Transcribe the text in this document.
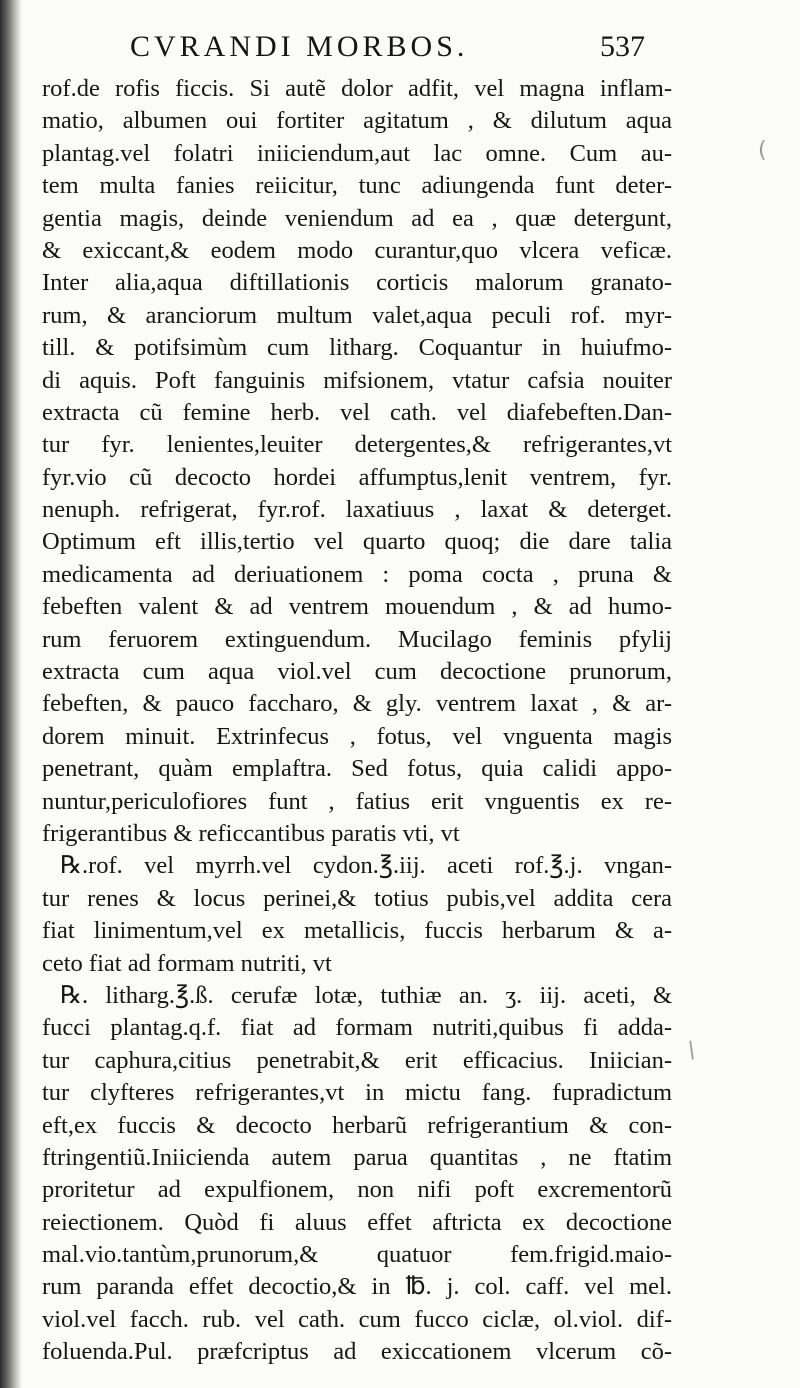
CVRANDI MORBOS.	537
rof.de rofis ficcis. Si autẽ dolor adfit, vel magna inflam-
matio, albumen oui fortiter agitatum , & dilutum aqua
plantag.vel folatri iniiciendum,aut lac omne. Cum au-
tem multa fanies reiicitur, tunc adiungenda funt deter-
gentia magis, deinde veniendum ad ea , quæ detergunt,
& exiccant,& eodem modo curantur,quo vlcera veficæ.
Inter alia,aqua diftillationis corticis malorum granato-
rum, & aranciorum multum valet,aqua peculi rof. myr-
till. & potifsimùm cum litharg. Coquantur in huiufmo-
di aquis. Poft fanguinis mifsionem, vtatur cafsia nouiter
extracta cũ femine herb. vel cath. vel diafebeften.Dan-
tur fyr. lenientes,leuiter detergentes,& refrigerantes,vt
fyr.vio cũ decocto hordei affumptus,lenit ventrem, fyr.
nenuph. refrigerat, fyr.rof. laxatiuus , laxat & deterget.
Optimum eft illis,tertio vel quarto quoq; die dare talia
medicamenta ad deriuationem : poma cocta , pruna &
febeften valent & ad ventrem mouendum , & ad humo-
rum feruorem extinguendum. Mucilago feminis pfylij
extracta cum aqua viol.vel cum decoctione prunorum,
febeften, & pauco faccharo, & gly. ventrem laxat , & ar-
dorem minuit. Extrinfecus , fotus, vel vnguenta magis
penetrant, quàm emplaftra. Sed fotus, quia calidi appo-
nuntur,periculofiores funt , fatius erit vnguentis ex re-
frigerantibus & reficcantibus paratis vti, vt
℞.rof. vel myrrh.vel cydon.℥.iij. aceti rof.℥.j. vngan-
tur renes & locus perinei,& totius pubis,vel addita cera
fiat linimentum,vel ex metallicis, fuccis herbarum & a-
ceto fiat ad formam nutriti, vt
℞. litharg.℥.ß. cerufæ lotæ, tuthiæ an. ʒ. iij. aceti, &
fucci plantag.q.f. fiat ad formam nutriti,quibus fi adda-
tur caphura,citius penetrabit,& erit efficacius. Iniician-
tur clyfteres refrigerantes,vt in mictu fang. fupradictum
eft,ex fuccis & decocto herbarũ refrigerantium & con-
ftringentiũ.Iniicienda autem parua quantitas , ne ftatim
proritetur ad expulfionem, non nifi poft excrementorũ
reiectionem. Quòd fi aluus effet aftricta ex decoctione
mal.vio.tantùm,prunorum,& quatuor fem.frigid.maio-
rum paranda effet decoctio,& in ℔. j. col. caff. vel mel.
viol.vel facch. rub. vel cath. cum fucco ciclæ, ol.viol. dif-
foluenda.Pul. præfcriptus ad exiccationem vlcerum cõ-
(
/
